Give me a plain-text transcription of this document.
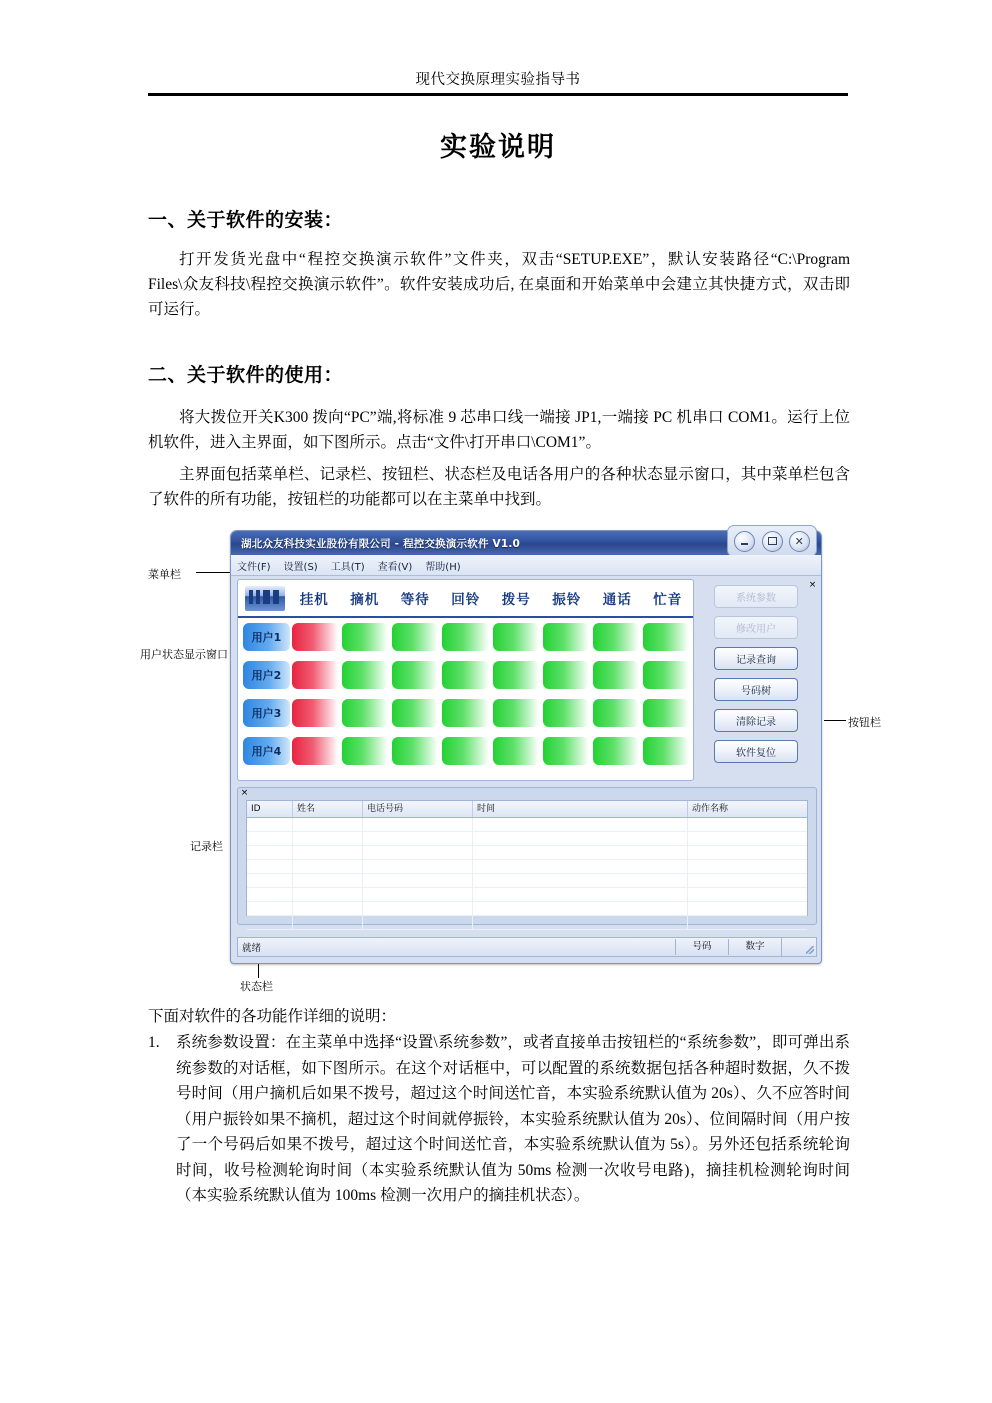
现代交换原理实验指导书
实验说明
一、关于软件的安装：
打开发货光盘中“程控交换演示软件”文件夹，双击“SETUP.EXE”，默认安装路径“C:\Program Files\众友科技\程控交换演示软件”。软件安装成功后, 在桌面和开始菜单中会建立其快捷方式，双击即可运行。
二、关于软件的使用：
将大拨位开关K300 拨向“PC”端,将标准 9 芯串口线一端接 JP1,一端接 PC 机串口 COM1。运行上位机软件，进入主界面，如下图所示。点击“文件\打开串口\COM1”。
主界面包括菜单栏、记录栏、按钮栏、状态栏及电话各用户的各种状态显示窗口，其中菜单栏包含了软件的所有功能，按钮栏的功能都可以在主菜单中找到。
菜单栏
用户状态显示窗口
记录栏
按钮栏
状态栏
湖北众友科技实业股份有限公司 - 程控交换演示软件 V1.0	✕
文件(F) 设置(S) 工具(T) 查看(V) 帮助(H)
挂机	摘机	等待	回铃	拨号	振铃	通话	忙音
用户1
用户2
用户3
用户4
×
系统参数
修改用户
记录查询
号码树
清除记录
软件复位
×
ID	姓名	电话号码	时间	动作名称
就绪	号码	数字
下面对软件的各功能作详细的说明：
1.	系统参数设置：在主菜单中选择“设置\系统参数”，或者直接单击按钮栏的“系统参数”，即可弹出系统参数的对话框，如下图所示。在这个对话框中，可以配置的系统数据包括各种超时数据，久不拨号时间（用户摘机后如果不拨号，超过这个时间送忙音，本实验系统默认值为 20s）、久不应答时间（用户振铃如果不摘机，超过这个时间就停振铃，本实验系统默认值为 20s）、位间隔时间（用户按了一个号码后如果不拨号，超过这个时间送忙音，本实验系统默认值为 5s）。另外还包括系统轮询时间，收号检测轮询时间（本实验系统默认值为 50ms 检测一次收号电路)，摘挂机检测轮询时间（本实验系统默认值为 100ms 检测一次用户的摘挂机状态）。
